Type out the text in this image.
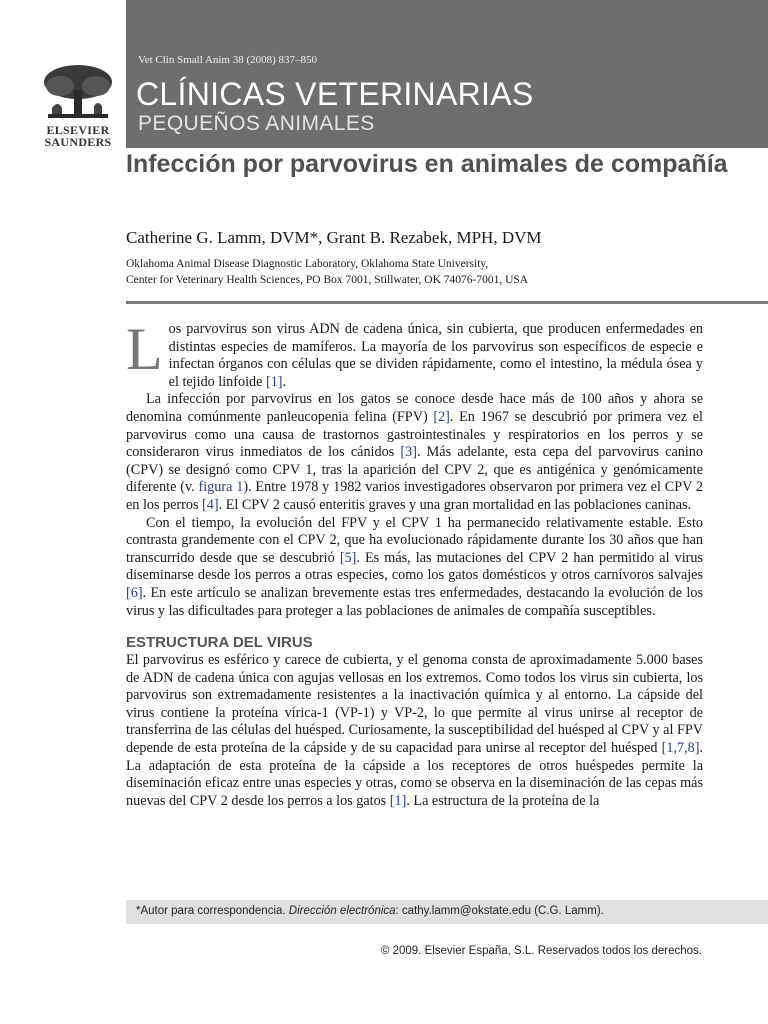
Vet Clin Small Anim 38 (2008) 837–850
CLÍNICAS VETERINARIAS
PEQUEÑOS ANIMALES
ELSEVIER
SAUNDERS
Infección por parvovirus en animales de compañía
Catherine G. Lamm, DVM*, Grant B. Rezabek, MPH, DVM
Oklahoma Animal Disease Diagnostic Laboratory, Oklahoma State University,
Center for Veterinary Health Sciences, PO Box 7001, Stillwater, OK 74076-7001, USA

L os parvovirus son virus ADN de cadena única, sin cubierta, que producen enfermedades en distintas especies de mamíferos. La mayoría de los parvovirus son específicos de especie e infectan órganos con células que se dividen rápidamente, como el intestino, la médula ósea y el tejido linfoide [1].

La infección por parvovirus en los gatos se conoce desde hace más de 100 años y ahora se denomina comúnmente panleucopenia felina (FPV) [2]. En 1967 se descubrió por primera vez el parvovirus como una causa de trastornos gastrointestinales y respiratorios en los perros y se consideraron virus inmediatos de los cánidos [3]. Más adelante, esta cepa del parvovirus canino (CPV) se designó como CPV 1, tras la aparición del CPV 2, que es antigénica y genómicamente diferente (v. figura 1). Entre 1978 y 1982 varios investigadores observaron por primera vez el CPV 2 en los perros [4]. El CPV 2 causó enteritis graves y una gran mortalidad en las poblaciones caninas.

Con el tiempo, la evolución del FPV y el CPV 1 ha permanecido relativamente estable. Esto contrasta grandemente con el CPV 2, que ha evolucionado rápidamente durante los 30 años que han transcurrido desde que se descubrió [5]. Es más, las mutaciones del CPV 2 han permitido al virus diseminarse desde los perros a otras especies, como los gatos domésticos y otros carnívoros salvajes [6]. En este artículo se analizan brevemente estas tres enfermedades, destacando la evolución de los virus y las dificultades para proteger a las poblaciones de animales de compañía susceptibles.

ESTRUCTURA DEL VIRUS

El parvovirus es esférico y carece de cubierta, y el genoma consta de aproximadamente 5.000 bases de ADN de cadena única con agujas vellosas en los extremos. Como todos los virus sin cubierta, los parvovirus son extremadamente resistentes a la inactivación química y al entorno. La cápside del virus contiene la proteína vírica-1 (VP-1) y VP-2, lo que permite al virus unirse al receptor de transferrina de las células del huésped. Curiosamente, la susceptibilidad del huésped al CPV y al FPV depende de esta proteína de la cápside y de su capacidad para unirse al receptor del huésped [1,7,8]. La adaptación de esta proteína de la cápside a los receptores de otros huéspedes permite la diseminación eficaz entre unas especies y otras, como se observa en la diseminación de las cepas más nuevas del CPV 2 desde los perros a los gatos [1]. La estructura de la proteína de la

*Autor para correspondencia. Dirección electrónica: cathy.lamm@okstate.edu (C.G. Lamm).
© 2009. Elsevier España, S.L. Reservados todos los derechos.
